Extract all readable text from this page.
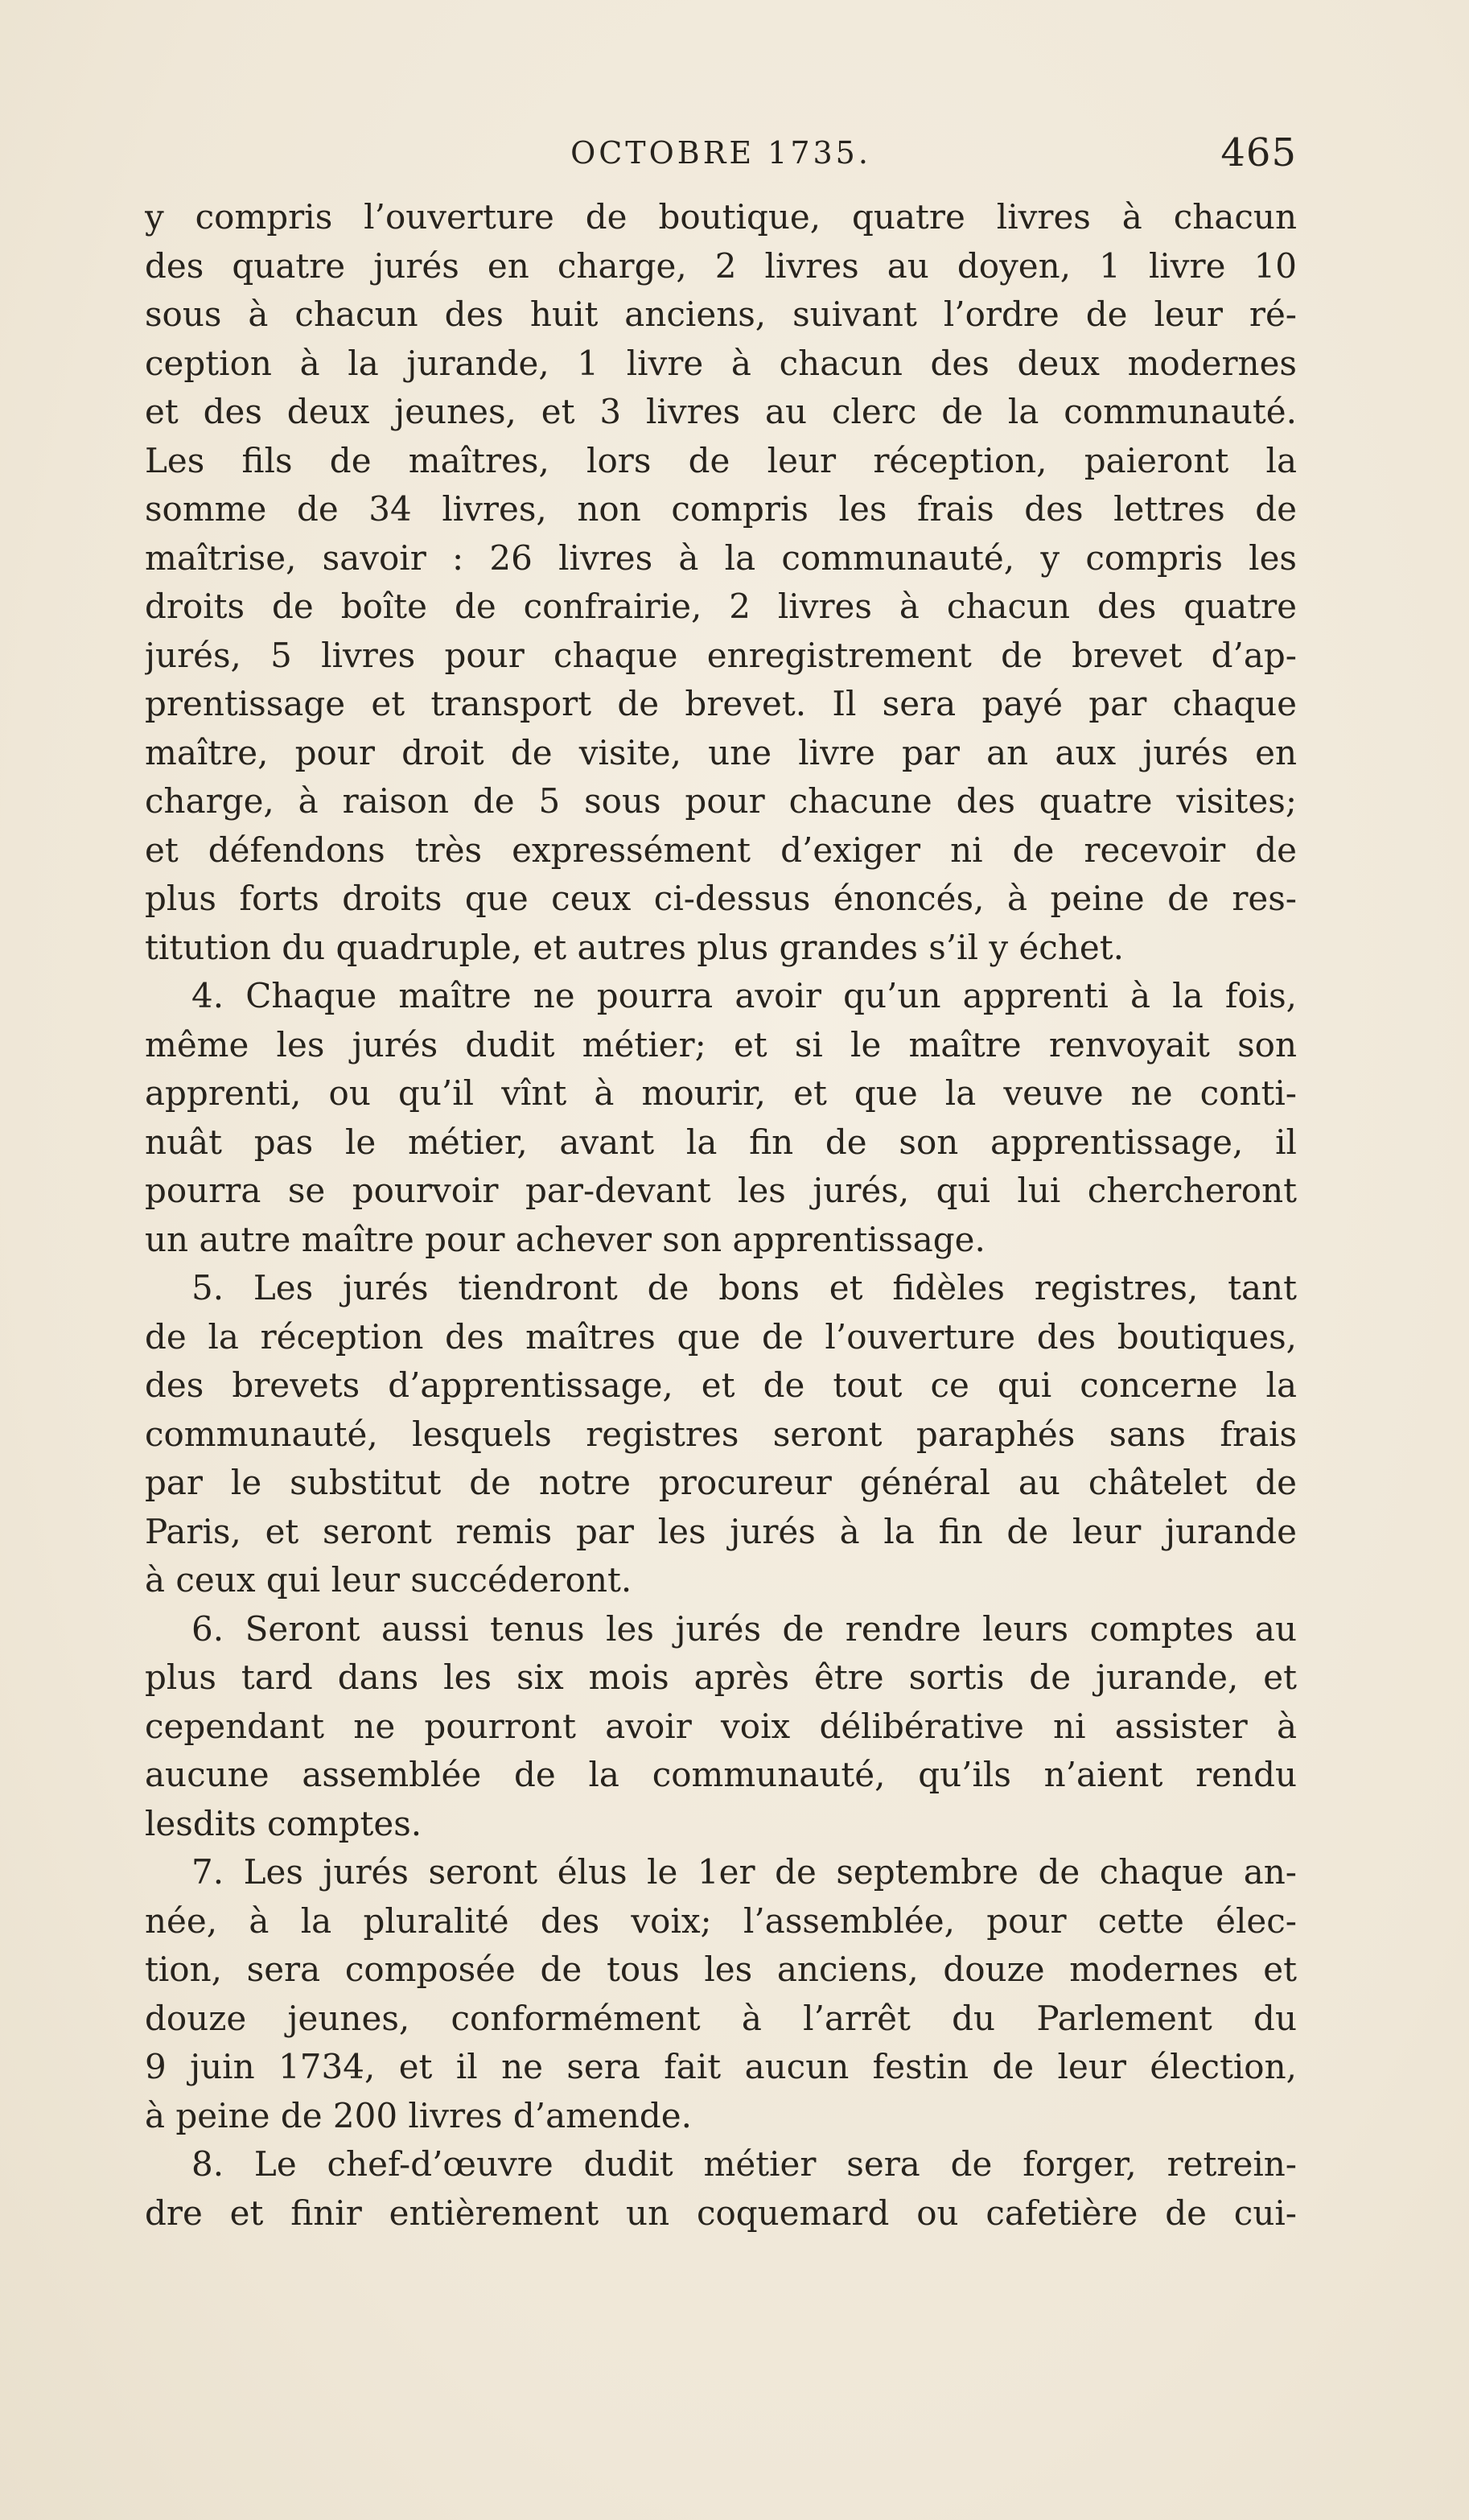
OCTOBRE 1735.	465
y compris l’ouverture de boutique, quatre livres à chacun
des quatre jurés en charge, 2 livres au doyen, 1 livre 10
sous à chacun des huit anciens, suivant l’ordre de leur ré-
ception à la jurande, 1 livre à chacun des deux modernes
et des deux jeunes, et 3 livres au clerc de la communauté.
Les fils de maîtres, lors de leur réception, paieront la
somme de 34 livres, non compris les frais des lettres de
maîtrise, savoir : 26 livres à la communauté, y compris les
droits de boîte de confrairie, 2 livres à chacun des quatre
jurés, 5 livres pour chaque enregistrement de brevet d’ap-
prentissage et transport de brevet. Il sera payé par chaque
maître, pour droit de visite, une livre par an aux jurés en
charge, à raison de 5 sous pour chacune des quatre visites;
et défendons très expressément d’exiger ni de recevoir de
plus forts droits que ceux ci-dessus énoncés, à peine de res-
titution du quadruple, et autres plus grandes s’il y échet.
4. Chaque maître ne pourra avoir qu’un apprenti à la fois,
même les jurés dudit métier; et si le maître renvoyait son
apprenti, ou qu’il vînt à mourir, et que la veuve ne conti-
nuât pas le métier, avant la fin de son apprentissage, il
pourra se pourvoir par-devant les jurés, qui lui chercheront
un autre maître pour achever son apprentissage.
5. Les jurés tiendront de bons et fidèles registres, tant
de la réception des maîtres que de l’ouverture des boutiques,
des brevets d’apprentissage, et de tout ce qui concerne la
communauté, lesquels registres seront paraphés sans frais
par le substitut de notre procureur général au châtelet de
Paris, et seront remis par les jurés à la fin de leur jurande
à ceux qui leur succéderont.
6. Seront aussi tenus les jurés de rendre leurs comptes au
plus tard dans les six mois après être sortis de jurande, et
cependant ne pourront avoir voix délibérative ni assister à
aucune assemblée de la communauté, qu’ils n’aient rendu
lesdits comptes.
7. Les jurés seront élus le 1er de septembre de chaque an-
née, à la pluralité des voix; l’assemblée, pour cette élec-
tion, sera composée de tous les anciens, douze modernes et
douze jeunes, conformément à l’arrêt du Parlement du
9 juin 1734, et il ne sera fait aucun festin de leur élection,
à peine de 200 livres d’amende.
8. Le chef-d’œuvre dudit métier sera de forger, retrein-
dre et finir entièrement un coquemard ou cafetière de cui-
